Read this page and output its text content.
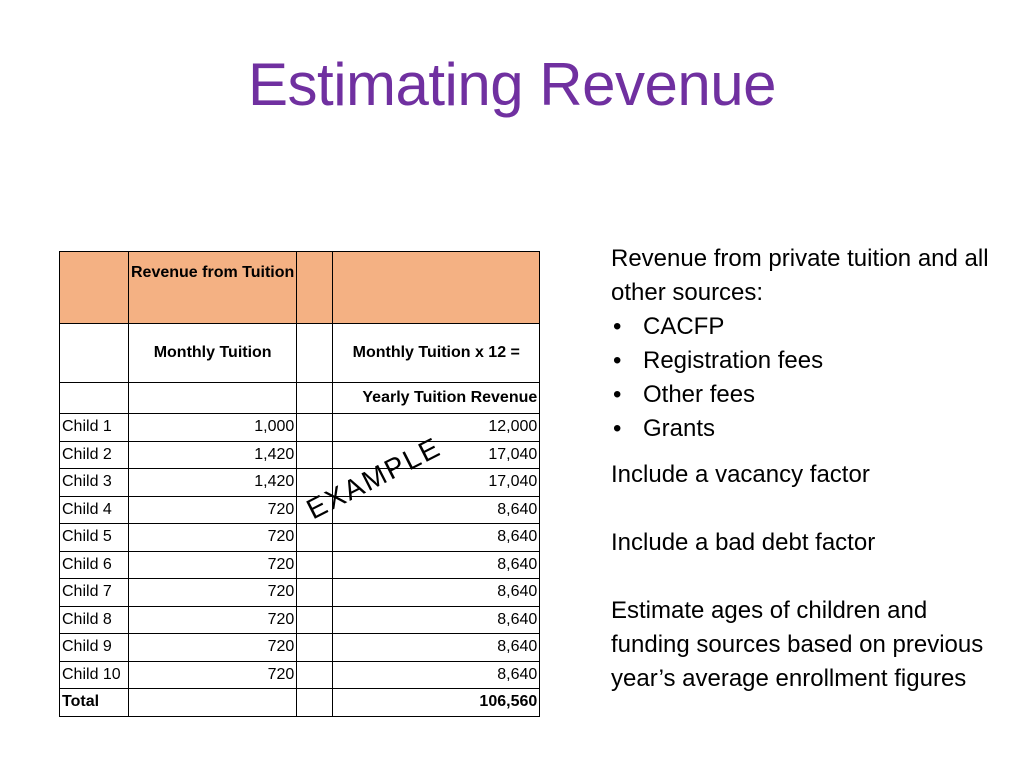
Estimating Revenue
	Revenue from Tuition		
	Monthly Tuition		Monthly Tuition x 12 =
			Yearly Tuition Revenue
Child 1	1,000		12,000
Child 2	1,420		17,040
Child 3	1,420		17,040
Child 4	720		8,640
Child 5	720		8,640
Child 6	720		8,640
Child 7	720		8,640
Child 8	720		8,640
Child 9	720		8,640
Child 10	720		8,640
Total			106,560
EXAMPLE

Revenue from private tuition and all other sources:

• CACFP
• Registration fees
• Other fees
• Grants

Include a vacancy factor

Include a bad debt factor

Estimate ages of children and funding sources based on previous year’s average enrollment figures
